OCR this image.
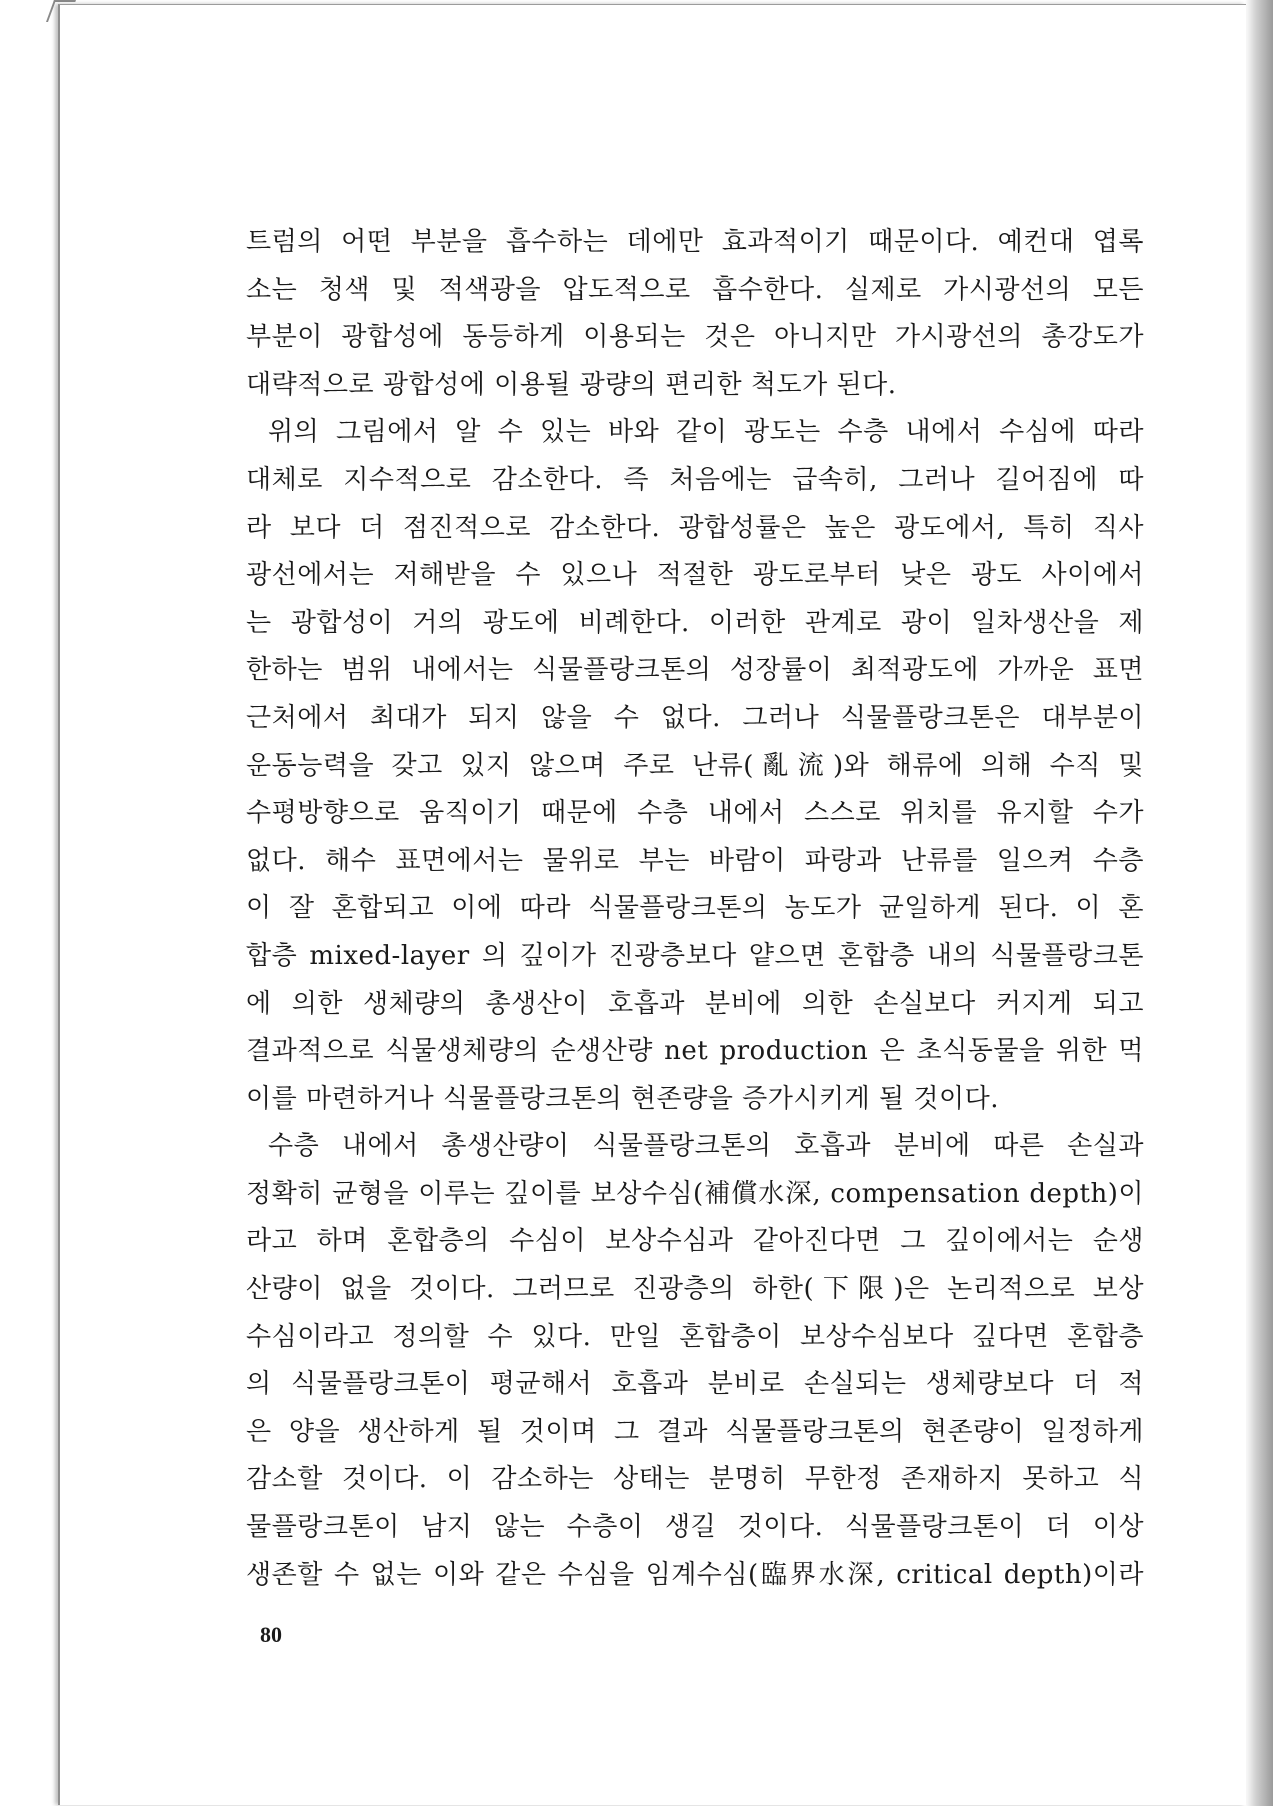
트럼의 어떤 부분을 흡수하는 데에만 효과적이기 때문이다. 예컨대 엽록
소는 청색 및 적색광을 압도적으로 흡수한다. 실제로 가시광선의 모든
부분이 광합성에 동등하게 이용되는 것은 아니지만 가시광선의 총강도가
대략적으로 광합성에 이용될 광량의 편리한 척도가 된다.
위의 그림에서 알 수 있는 바와 같이 광도는 수층 내에서 수심에 따라
대체로 지수적으로 감소한다. 즉 처음에는 급속히, 그러나 길어짐에 따
라 보다 더 점진적으로 감소한다. 광합성률은 높은 광도에서, 특히 직사
광선에서는 저해받을 수 있으나 적절한 광도로부터 낮은 광도 사이에서
는 광합성이 거의 광도에 비례한다. 이러한 관계로 광이 일차생산을 제
한하는 범위 내에서는 식물플랑크톤의 성장률이 최적광도에 가까운 표면
근처에서 최대가 되지 않을 수 없다. 그러나 식물플랑크톤은 대부분이
운동능력을 갖고 있지 않으며 주로 난류(亂流)와 해류에 의해 수직 및
수평방향으로 움직이기 때문에 수층 내에서 스스로 위치를 유지할 수가
없다. 해수 표면에서는 물위로 부는 바람이 파랑과 난류를 일으켜 수층
이 잘 혼합되고 이에 따라 식물플랑크톤의 농도가 균일하게 된다. 이 혼
합층 mixed-layer 의 깊이가 진광층보다 얕으면 혼합층 내의 식물플랑크톤
에 의한 생체량의 총생산이 호흡과 분비에 의한 손실보다 커지게 되고
결과적으로 식물생체량의 순생산량 net production 은 초식동물을 위한 먹
이를 마련하거나 식물플랑크톤의 현존량을 증가시키게 될 것이다.
수층 내에서 총생산량이 식물플랑크톤의 호흡과 분비에 따른 손실과
정확히 균형을 이루는 깊이를 보상수심(補償水深, compensation depth)이
라고 하며 혼합층의 수심이 보상수심과 같아진다면 그 깊이에서는 순생
산량이 없을 것이다. 그러므로 진광층의 하한(下限)은 논리적으로 보상
수심이라고 정의할 수 있다. 만일 혼합층이 보상수심보다 깊다면 혼합층
의 식물플랑크톤이 평균해서 호흡과 분비로 손실되는 생체량보다 더 적
은 양을 생산하게 될 것이며 그 결과 식물플랑크톤의 현존량이 일정하게
감소할 것이다. 이 감소하는 상태는 분명히 무한정 존재하지 못하고 식
물플랑크톤이 남지 않는 수층이 생길 것이다. 식물플랑크톤이 더 이상
생존할 수 없는 이와 같은 수심을 임계수심(臨界水深, critical depth)이라
80
